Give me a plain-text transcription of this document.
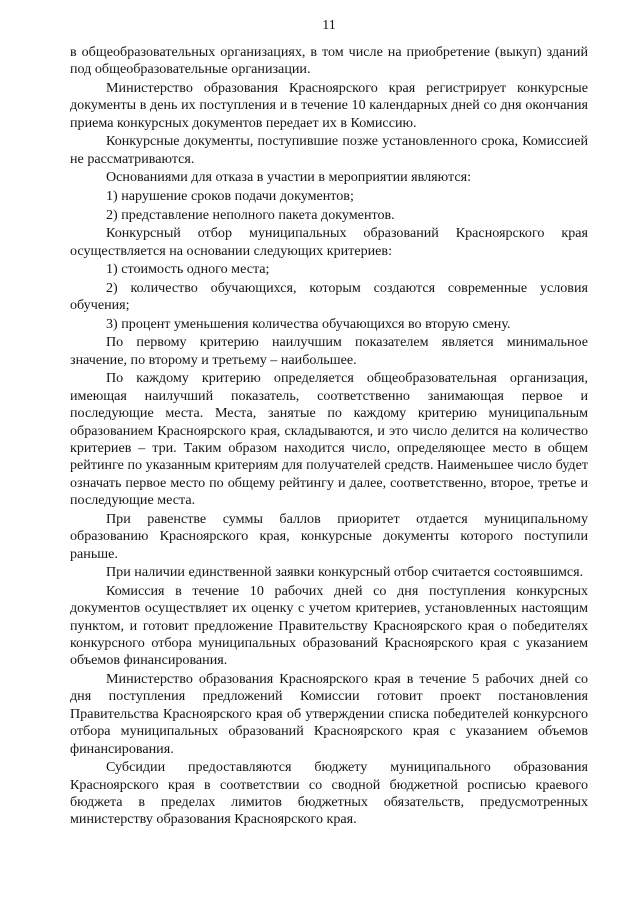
11

в общеобразовательных организациях, в том числе на приобретение (выкуп) зданий под общеобразовательные организации.

Министерство образования Красноярского края регистрирует конкурсные документы в день их поступления и в течение 10 календарных дней со дня окончания приема конкурсных документов передает их в Комиссию.

Конкурсные документы, поступившие позже установленного срока, Комиссией не рассматриваются.

Основаниями для отказа в участии в мероприятии являются:

1) нарушение сроков подачи документов;

2) представление неполного пакета документов.

Конкурсный отбор муниципальных образований Красноярского края осуществляется на основании следующих критериев:

1) стоимость одного места;

2) количество обучающихся, которым создаются современные условия обучения;

3) процент уменьшения количества обучающихся во вторую смену.

По первому критерию наилучшим показателем является минимальное значение, по второму и третьему – наибольшее.

По каждому критерию определяется общеобразовательная организация, имеющая наилучший показатель, соответственно занимающая первое и последующие места. Места, занятые по каждому критерию муниципальным образованием Красноярского края, складываются, и это число делится на количество критериев – три. Таким образом находится число, определяющее место в общем рейтинге по указанным критериям для получателей средств. Наименьшее число будет означать первое место по общему рейтингу и далее, соответственно, второе, третье и последующие места.

При равенстве суммы баллов приоритет отдается муниципальному образованию Красноярского края, конкурсные документы которого поступили раньше.

При наличии единственной заявки конкурсный отбор считается состоявшимся.

Комиссия в течение 10 рабочих дней со дня поступления конкурсных документов осуществляет их оценку с учетом критериев, установленных настоящим пунктом, и готовит предложение Правительству Красноярского края о победителях конкурсного отбора муниципальных образований Красноярского края с указанием объемов финансирования.

Министерство образования Красноярского края в течение 5 рабочих дней со дня поступления предложений Комиссии готовит проект постановления Правительства Красноярского края об утверждении списка победителей конкурсного отбора муниципальных образований Красноярского края с указанием объемов финансирования.

Субсидии предоставляются бюджету муниципального образования Красноярского края в соответствии со сводной бюджетной росписью краевого бюджета в пределах лимитов бюджетных обязательств, предусмотренных министерству образования Красноярского края.
